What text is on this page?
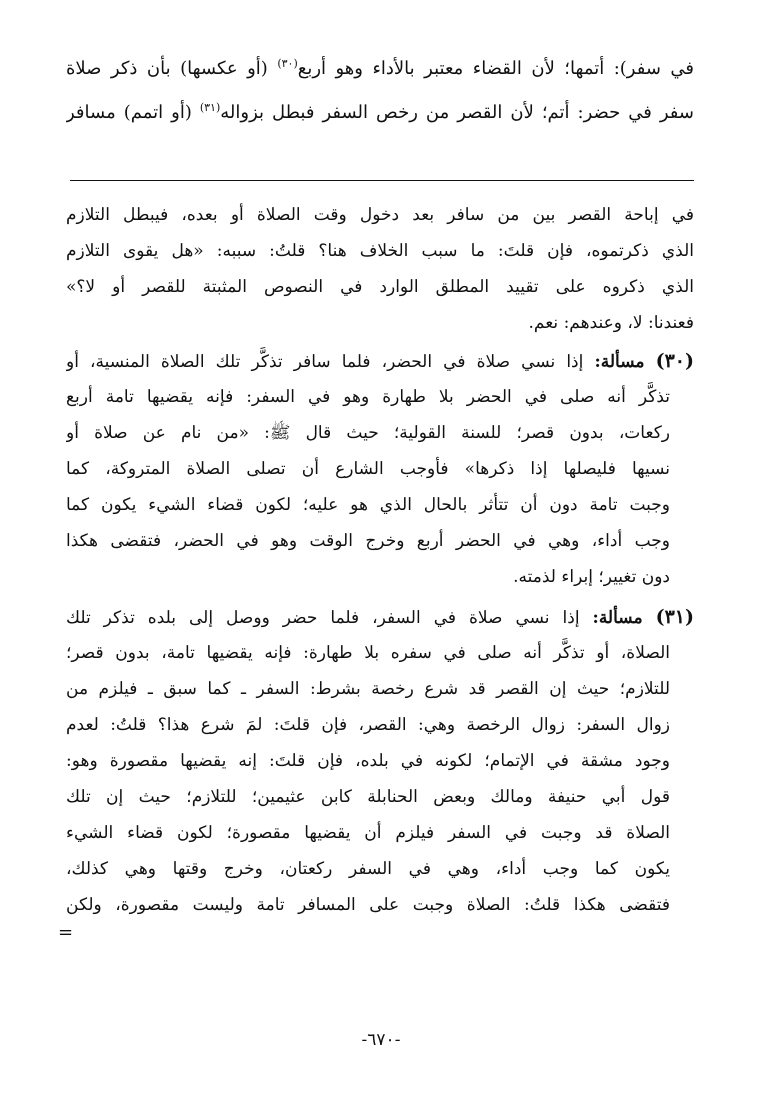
في سفر): أتمها؛ لأن القضاء معتبر بالأداء وهو أربع$^{(٣٠)}$ (أو عكسها) بأن ذكر صلاة
سفر في حضر: أتم؛ لأن القصر من رخص السفر فبطل بزواله$^{(٣١)}$ (أو اتمم) مسافر
في إباحة القصر بين من سافر بعد دخول وقت الصلاة أو بعده، فيبطل التلازم
الذي ذكرتموه، فإن قلتَ: ما سبب الخلاف هنا؟ قلتُ: سببه: «هل يقوى التلازم
الذي ذكروه على تقييد المطلق الوارد في النصوص المثبتة للقصر أو لا؟»
فعندنا: لا، وعندهم: نعم.
(٣٠) مسألة: إذا نسي صلاة في الحضر، فلما سافر تذكَّر تلك الصلاة المنسية، أو
تذكَّر أنه صلى في الحضر بلا طهارة وهو في السفر: فإنه يقضيها تامة أربع
ركعات، بدون قصر؛ للسنة القولية؛ حيث قال ﷺ: «من نام عن صلاة أو
نسيها فليصلها إذا ذكرها» فأوجب الشارع أن تصلى الصلاة المتروكة، كما
وجبت تامة دون أن تتأثر بالحال الذي هو عليه؛ لكون قضاء الشيء يكون كما
وجب أداء، وهي في الحضر أربع وخرج الوقت وهو في الحضر، فتقضى هكذا
دون تغيير؛ إبراء لذمته.
(٣١) مسألة: إذا نسي صلاة في السفر، فلما حضر ووصل إلى بلده تذكر تلك
الصلاة، أو تذكَّر أنه صلى في سفره بلا طهارة: فإنه يقضيها تامة، بدون قصر؛
للتلازم؛ حيث إن القصر قد شرع رخصة بشرط: السفر ـ كما سبق ـ فيلزم من
زوال السفر: زوال الرخصة وهي: القصر، فإن قلتَ: لمَ شرع هذا؟ قلتُ: لعدم
وجود مشقة في الإتمام؛ لكونه في بلده، فإن قلتَ: إنه يقضيها مقصورة وهو:
قول أبي حنيفة ومالك وبعض الحنابلة كابن عثيمين؛ للتلازم؛ حيث إن تلك
الصلاة قد وجبت في السفر فيلزم أن يقضيها مقصورة؛ لكون قضاء الشيء
يكون كما وجب أداء، وهي في السفر ركعتان، وخرج وقتها وهي كذلك،
فتقضى هكذا قلتُ: الصلاة وجبت على المسافر تامة وليست مقصورة، ولكن
=
-٦٧٠-
